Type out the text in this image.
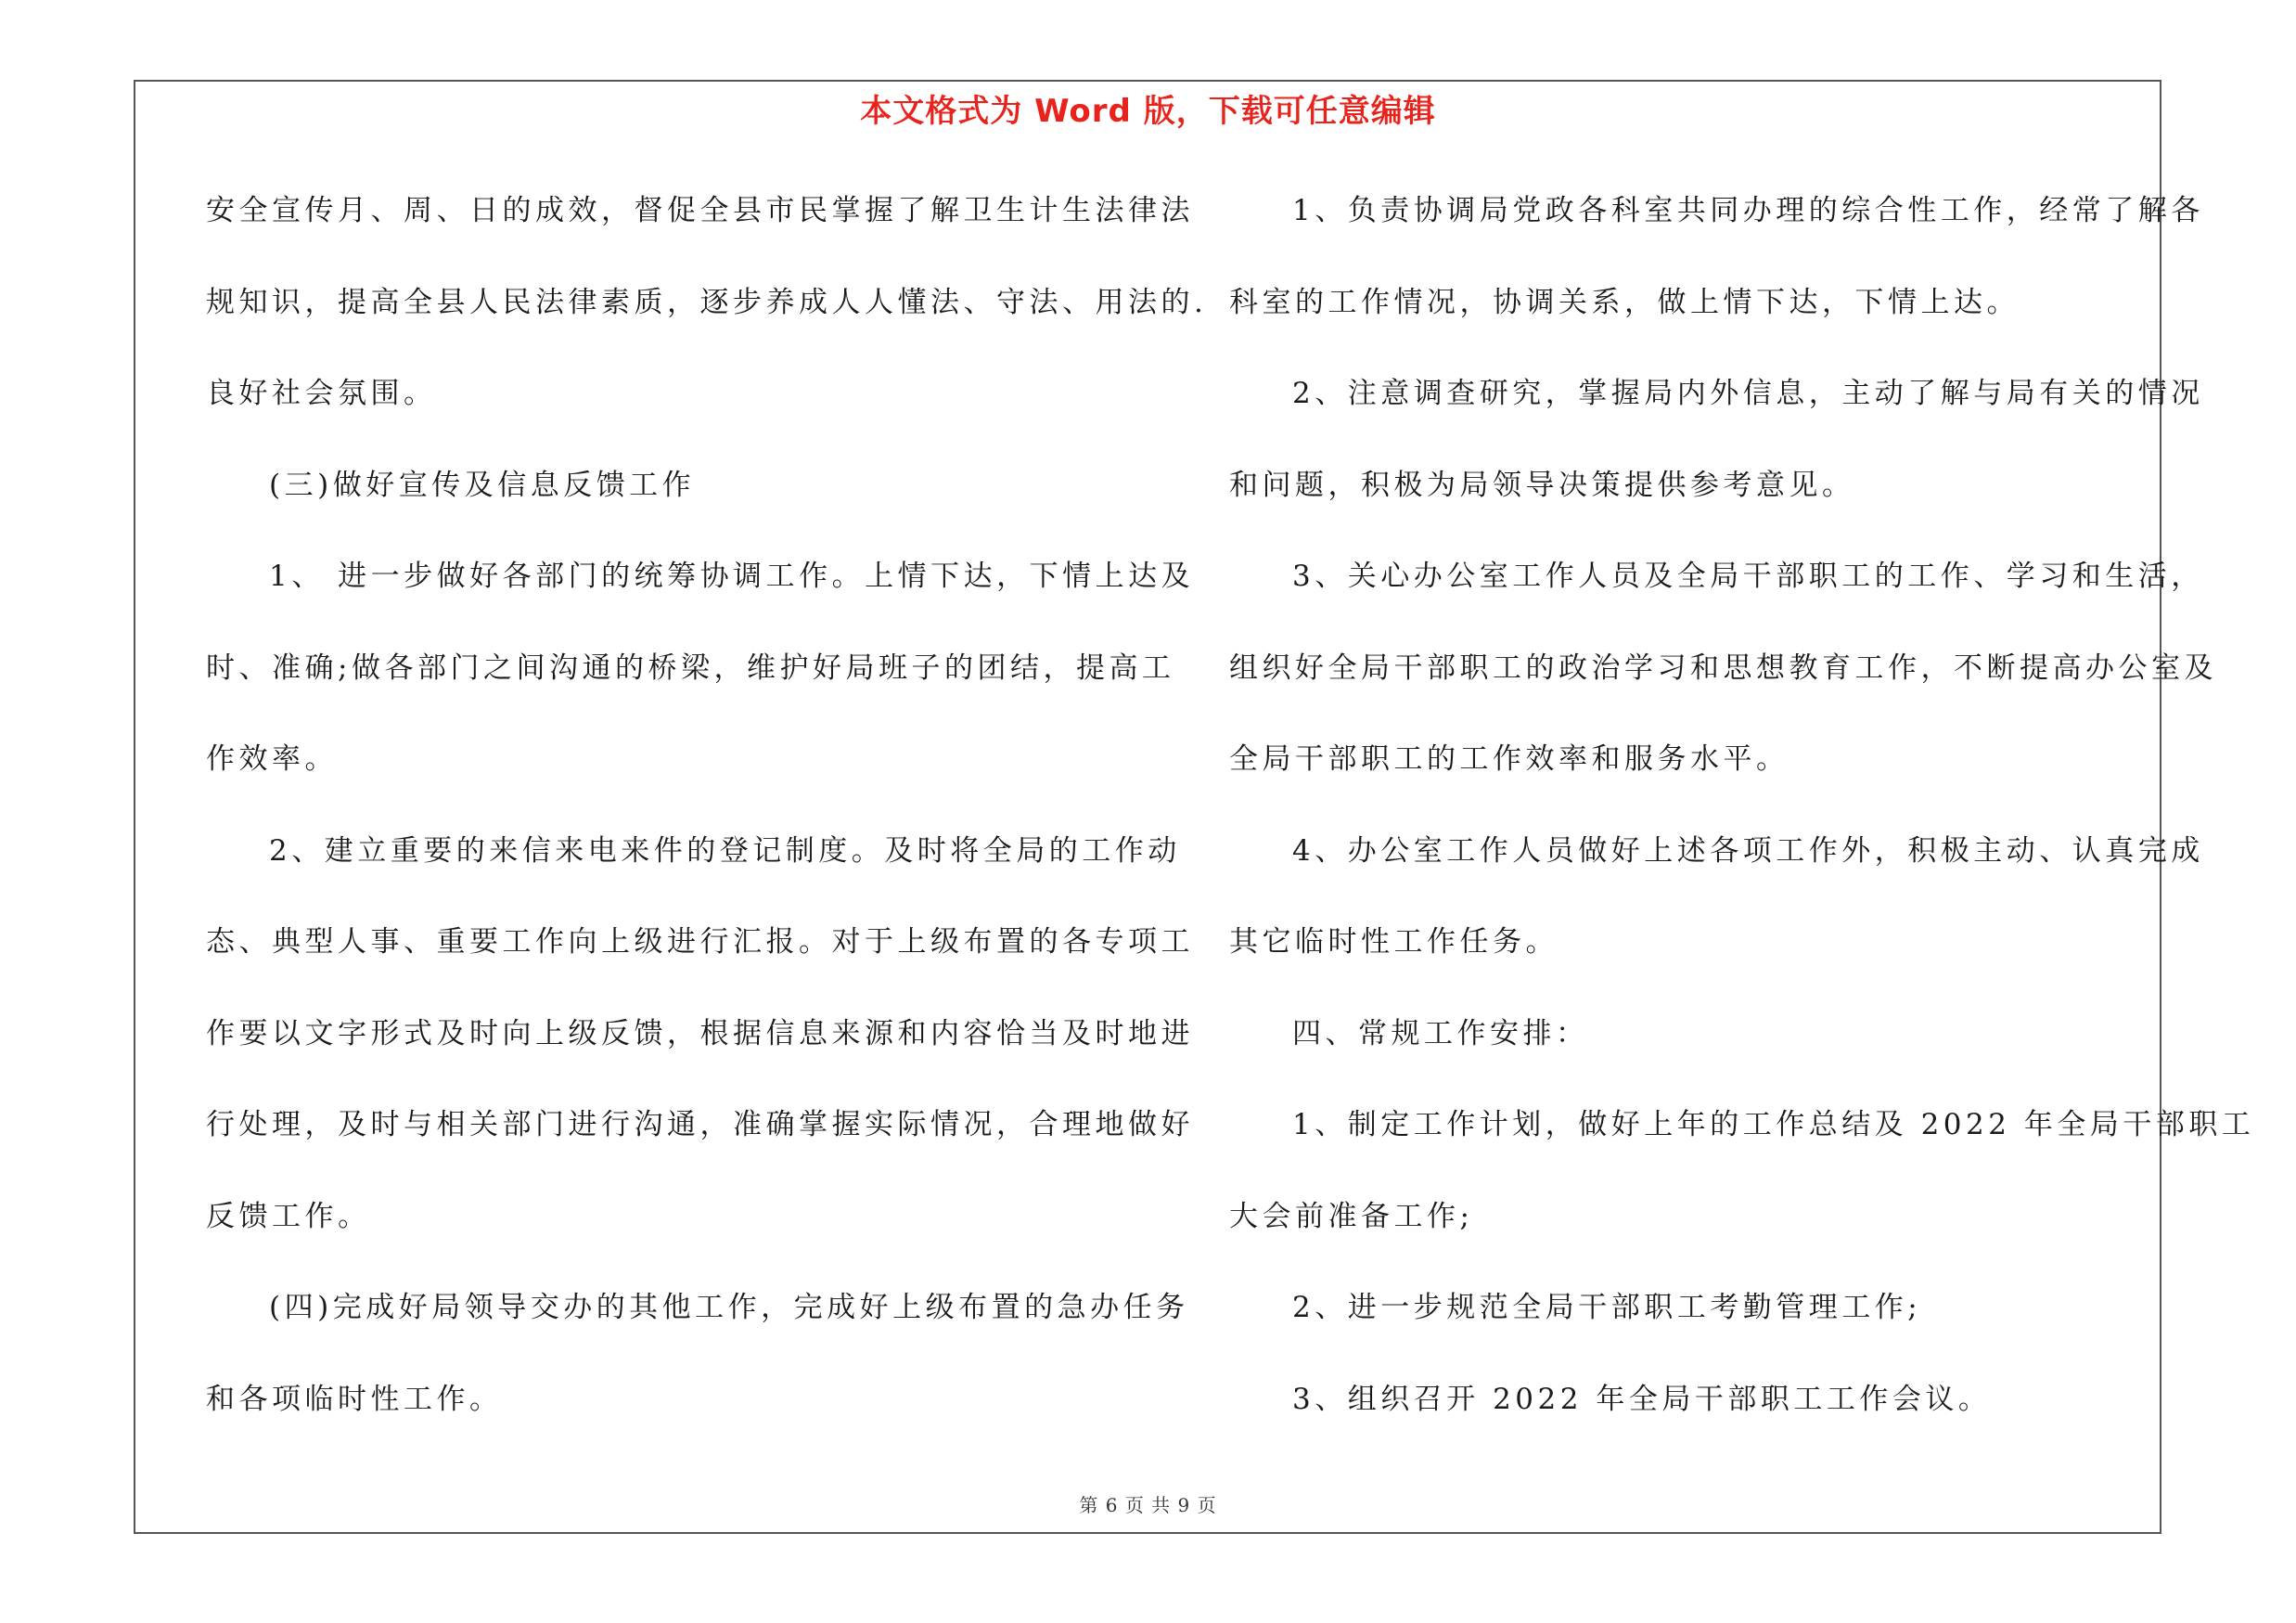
本文格式为 Word 版，下载可任意编辑
安全宣传月、周、日的成效，督促全县市民掌握了解卫生计生法律法
规知识，提高全县人民法律素质，逐步养成人人懂法、守法、用法的.
良好社会氛围。
(三)做好宣传及信息反馈工作
1、 进一步做好各部门的统筹协调工作。上情下达，下情上达及
时、准确;做各部门之间沟通的桥梁，维护好局班子的团结，提高工
作效率。
2、建立重要的来信来电来件的登记制度。及时将全局的工作动
态、典型人事、重要工作向上级进行汇报。对于上级布置的各专项工
作要以文字形式及时向上级反馈，根据信息来源和内容恰当及时地进
行处理，及时与相关部门进行沟通，准确掌握实际情况，合理地做好
反馈工作。
(四)完成好局领导交办的其他工作，完成好上级布置的急办任务
和各项临时性工作。
1、负责协调局党政各科室共同办理的综合性工作，经常了解各
科室的工作情况，协调关系，做上情下达，下情上达。
2、注意调查研究，掌握局内外信息，主动了解与局有关的情况
和问题，积极为局领导决策提供参考意见。
3、关心办公室工作人员及全局干部职工的工作、学习和生活，
组织好全局干部职工的政治学习和思想教育工作，不断提高办公室及
全局干部职工的工作效率和服务水平。
4、办公室工作人员做好上述各项工作外，积极主动、认真完成
其它临时性工作任务。
四、常规工作安排：
1、制定工作计划，做好上年的工作总结及 2022 年全局干部职工
大会前准备工作;
2、进一步规范全局干部职工考勤管理工作;
3、组织召开 2022 年全局干部职工工作会议。
第 6 页 共 9 页
